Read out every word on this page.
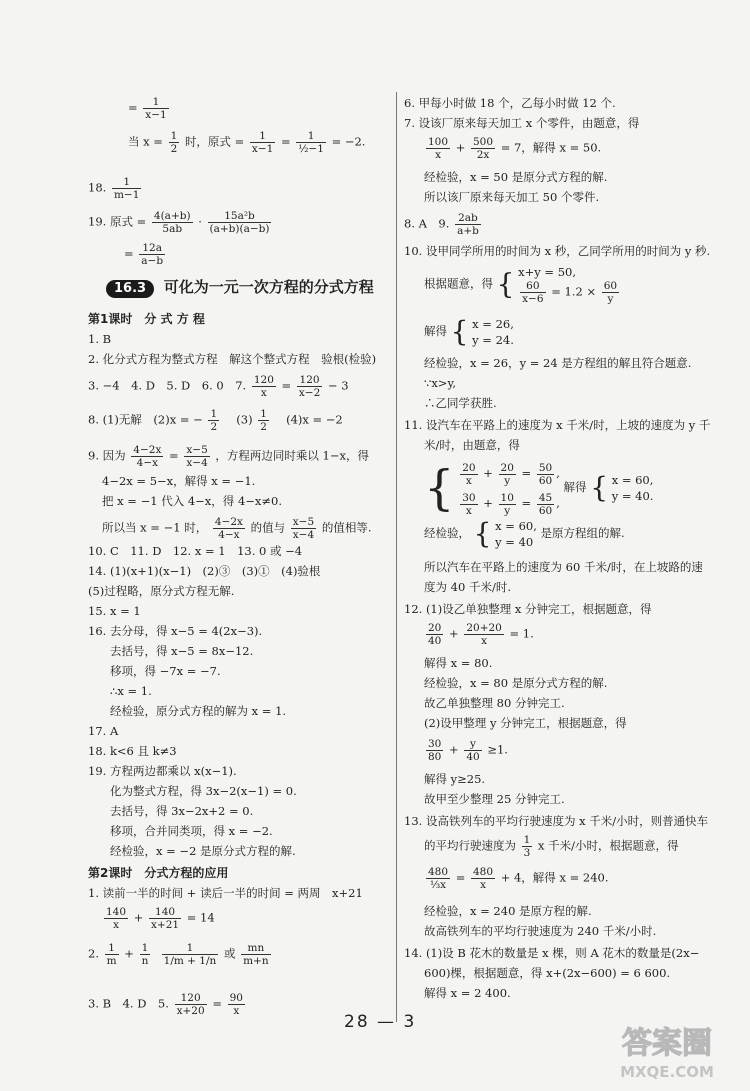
= $\frac{1}{x-1}$
当 $x = \frac{1}{2}$ 时，原式 = $\frac{1}{x-1} = \frac{1}{\text{½−1}} = -2$.
18. $\frac{1}{m-1}$
19. 原式 = $\frac{4(a+b)}{5ab} \cdot \frac{\text{15a²b}}{(a+b)(a-b)}$
= $\frac{12a}{a-b}$
16.3 可化为一元一次方程的分式方程
第1课时　分 式 方 程
1. B
2. 化分式方程为整式方程　解这个整式方程　验根(检验)
3. −4　4. D　5. D　6. 0　7. $\frac{120}{x} = \frac{120}{x-2} - 3$
8. (1)无解　(2)x = − $\frac{1}{2}$ 　$(3) \frac{1}{2}$ 　(4)x = −2
9. 因为 $\frac{4-2x}{4-x} = \frac{x-5}{x-4}$ ，方程两边同时乘以 1−x，得
4−2x = 5−x，解得 x = −1.
把 x = −1 代入 4−x，得 4−x≠0.
所以当 x = −1 时， $\frac{4-2x}{4-x}$ 的值与 $\frac{x-5}{x-4}$ 的值相等.
10. C　11. D　12. x = 1　13. 0 或 −4
14. (1)(x+1)(x−1)　(2)③　(3)①　(4)验根
(5)过程略，原分式方程无解.
15. x = 1
16. 去分母，得 x−5 = 4(2x−3).
去括号，得 x−5 = 8x−12.
移项，得 −7x = −7.
∴x = 1.
经检验，原分式方程的解为 x = 1.
17. A
18. k<6 且 k≠3
19. 方程两边都乘以 x(x−1).
化为整式方程，得 3x−2(x−1) = 0.
去括号，得 3x−2x+2 = 0.
移项，合并同类项，得 x = −2.
经检验，x = −2 是原分式方程的解.
第2课时　分式方程的应用
1. 读前一半的时间 + 读后一半的时间 = 两周　x+21
$\frac{140}{x} + \frac{140}{x+21} = 14$
2. $\frac{1}{m} + \frac{1}{n}$
$\frac{1}{1/m + 1/n}$ 或 $\frac{mn}{m+n}$
3. B　4. D　5. $\frac{120}{x+20} = \frac{90}{x}$
6. 甲每小时做 18 个，乙每小时做 12 个.
7. 设该厂原来每天加工 x 个零件，由题意，得
$\frac{100}{x} + \frac{500}{2x} = 7$，解得 x = 50.
经检验，x = 50 是原分式方程的解.
所以该厂原来每天加工 50 个零件.
8. A　9. $\frac{2ab}{a+b}$
10. 设甲同学所用的时间为 x 秒，乙同学所用的时间为 y 秒.
根据题意，得 { x+y = 50,
$\frac{60}{x-6} = 1.2 \times \frac{60}{y}$
解得 { x = 26,
y = 24.
经检验，x = 26，y = 24 是方程组的解且符合题意.
∵x>y,
∴乙同学获胜.
11. 设汽车在平路上的速度为 x 千米/时，上坡的速度为 y 千
米/时，由题意，得
{ $\frac{20}{x} + \frac{20}{y} = \frac{50}{60}$ ,
$\frac{30}{x} + \frac{10}{y} = \frac{45}{60}$ ,
解得 { x = 60,
y = 40.
经检验， { x = 60,
y = 40
是原方程组的解.
所以汽车在平路上的速度为 60 千米/时，在上坡路的速
度为 40 千米/时.
12. (1)设乙单独整理 x 分钟完工，根据题意，得
$\frac{20}{40} + \frac{20+20}{x} = 1$.
解得 x = 80.
经检验，x = 80 是原分式方程的解.
故乙单独整理 80 分钟完工.
(2)设甲整理 y 分钟完工，根据题意，得
$\frac{30}{80} + \frac{y}{40} \ge 1$.
解得 y≥25.
故甲至少整理 25 分钟完工.
13. 设高铁列车的平均行驶速度为 x 千米/小时，则普通快车
的平均行驶速度为 $\frac{1}{3}$ x 千米/小时，根据题意，得
$\frac{480}{\text{⅓x}} = \frac{480}{x} + 4$，解得 x = 240.
经检验，x = 240 是原方程的解.
故高铁列车的平均行驶速度为 240 千米/小时.
14. (1)设 B 花木的数量是 x 棵，则 A 花木的数量是(2x−
600)棵，根据题意，得 x+(2x−600) = 6 600.
解得 x = 2 400.
28 — 3
答案圈
MXQE.COM
